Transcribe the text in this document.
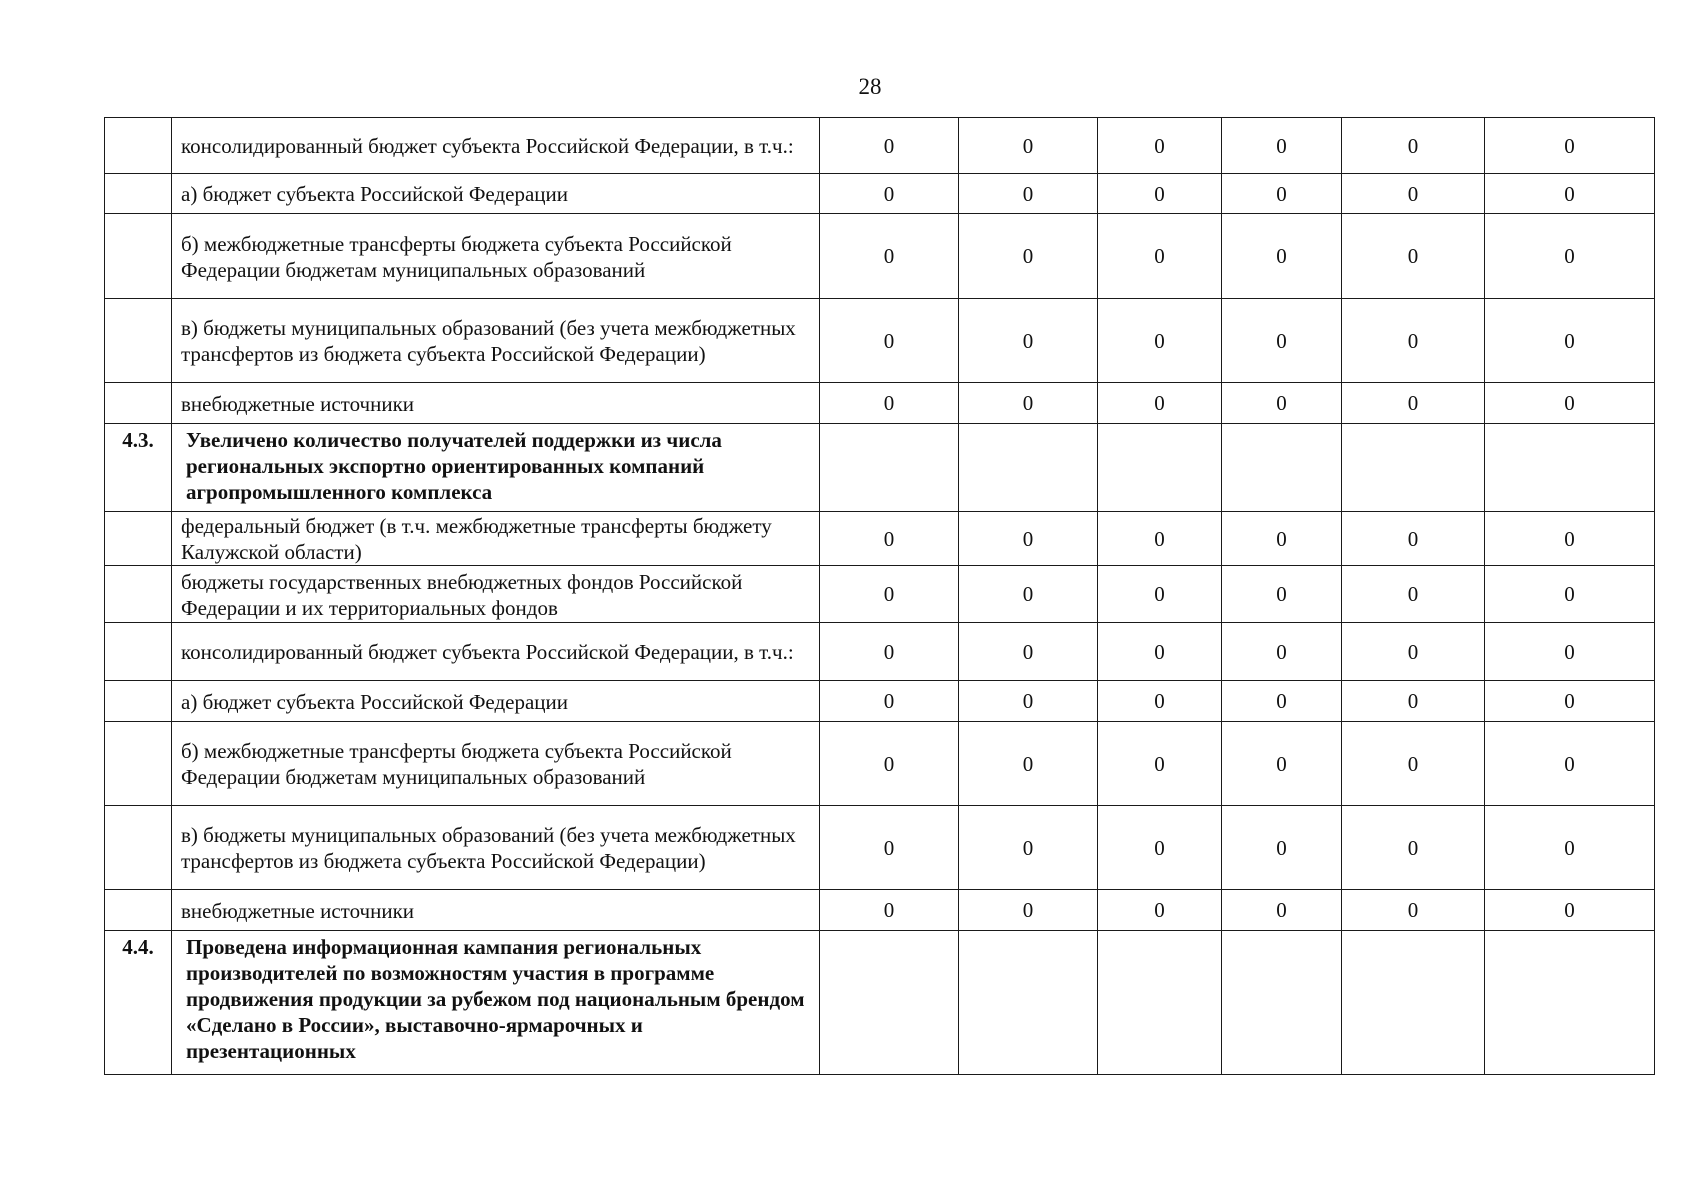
28
	консолидированный бюджет субъекта Российской Федерации, в т.ч.:	0	0	0	0	0	0
	а) бюджет субъекта Российской Федерации	0	0	0	0	0	0
	б) межбюджетные трансферты бюджета субъекта Российской Федерации бюджетам муниципальных образований	0	0	0	0	0	0
	в) бюджеты муниципальных образований (без учета межбюджетных трансфертов из бюджета субъекта Российской Федерации)	0	0	0	0	0	0
	внебюджетные источники	0	0	0	0	0	0
4.3.	Увеличено количество получателей поддержки из числа региональных экспортно ориентированных компаний агропромышленного комплекса						
	федеральный бюджет (в т.ч. межбюджетные трансферты бюджету Калужской области)	0	0	0	0	0	0
	бюджеты государственных внебюджетных фондов Российской Федерации и их территориальных фондов	0	0	0	0	0	0
	консолидированный бюджет субъекта Российской Федерации, в т.ч.:	0	0	0	0	0	0
	а) бюджет субъекта Российской Федерации	0	0	0	0	0	0
	б) межбюджетные трансферты бюджета субъекта Российской Федерации бюджетам муниципальных образований	0	0	0	0	0	0
	в) бюджеты муниципальных образований (без учета межбюджетных трансфертов из бюджета субъекта Российской Федерации)	0	0	0	0	0	0
	внебюджетные источники	0	0	0	0	0	0
4.4.	Проведена информационная кампания региональных производителей по возможностям участия в программе продвижения продукции за рубежом под национальным брендом «Сделано в России», выставочно-ярмарочных и презентационных						
